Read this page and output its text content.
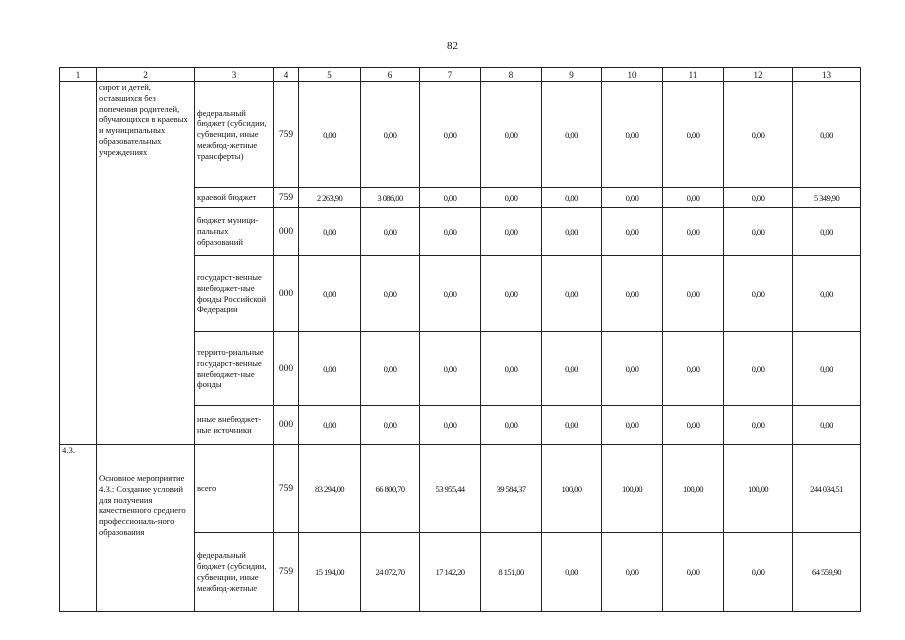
82
1	2	3	4	5	6	7	8	9	10	11	12	13
	сирот и детей, оставшихся без попечения родителей, обучающихся в краевых и муниципальных образовательных учреждениях	федеральный бюджет (субсидии, субвенции, иные межбюд-жетные трансферты)	759	0,00	0,00	0,00	0,00	0,00	0,00	0,00	0,00	0,00
		краевой бюджет	759	2 263,90	3 086,00	0,00	0,00	0,00	0,00	0,00	0,00	5 349,90
		бюджет муници-пальных образований	000	0,00	0,00	0,00	0,00	0,00	0,00	0,00	0,00	0,00
		государст-венные внебюджет-ные фонды Российской Федерации	000	0,00	0,00	0,00	0,00	0,00	0,00	0,00	0,00	0,00
		террито-риальные государст-венные внебюджет-ные фонды	000	0,00	0,00	0,00	0,00	0,00	0,00	0,00	0,00	0,00
		иные внебюджет-ные источники	000	0,00	0,00	0,00	0,00	0,00	0,00	0,00	0,00	0,00
4.3.	Основное мероприятие 4.3.: Создание условий для получения качественного среднего профессиональ-ного образования	всего	759	83 294,00	66 800,70	53 955,44	39 584,37	100,00	100,00	100,00	100,00	244 034,51
		федеральный бюджет (субсидии, субвенции, иные межбюд-жетные	759	15 194,00	24 072,70	17 142,20	8 151,00	0,00	0,00	0,00	0,00	64 559,90
